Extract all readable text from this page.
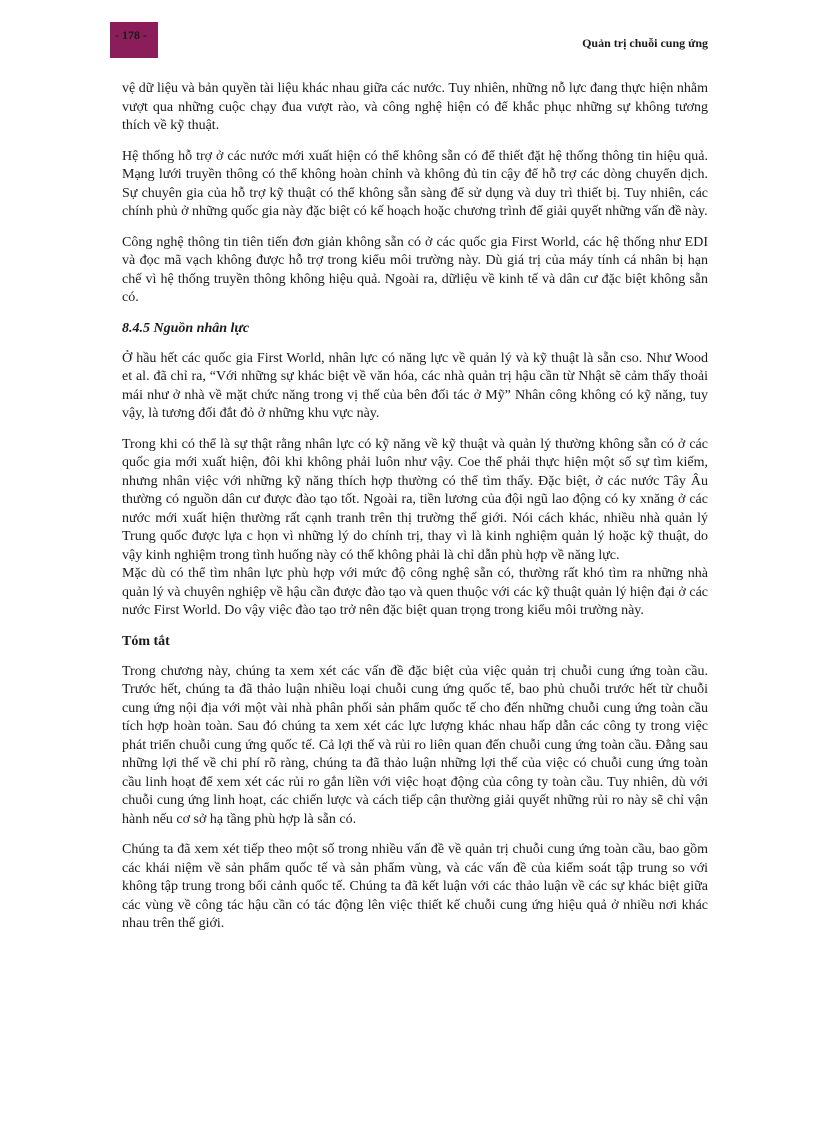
- 178 -
Quản trị chuỗi cung ứng

vệ dữ liệu và bản quyền tài liệu khác nhau giữa các nước. Tuy nhiên, những nỗ lực đang thực hiện nhằm vượt qua những cuộc chạy đua vượt rào, và công nghệ hiện có để khắc phục những sự không tương thích về kỹ thuật.

Hệ thống hỗ trợ ở các nước mới xuất hiện có thể không sẵn có để thiết đặt hệ thống thông tin hiệu quả. Mạng lưới truyền thông có thể không hoàn chỉnh và không đủ tin cậy để hỗ trợ các dòng chuyển dịch. Sự chuyên gia của hỗ trợ kỹ thuật có thể không sẵn sàng để sử dụng và duy trì thiết bị. Tuy nhiên, các chính phủ ở những quốc gia này đặc biệt có kế hoạch hoặc chương trình để giải quyết những vấn đề này.

Công nghệ thông tin tiên tiến đơn giản không sẵn có ở các quốc gia First World, các hệ thống như EDI và đọc mã vạch không được hỗ trợ trong kiểu môi trường này. Dù giá trị của máy tính cá nhân bị hạn chế vì hệ thống truyền thông không hiệu quả. Ngoài ra, dữliệu về kinh tế và dân cư đặc biệt không sẵn có.

8.4.5 Nguồn nhân lực

Ở hầu hết các quốc gia First World, nhân lực có năng lực về quản lý và kỹ thuật là sẵn cso. Như Wood et al. đã chỉ ra, “Với những sự khác biệt về văn hóa, các nhà quản trị hậu cần từ Nhật sẽ cảm thấy thoải mái như ở nhà về mặt chức năng trong vị thế của bên đối tác ở Mỹ” Nhân công không có kỹ năng, tuy vậy, là tương đối đắt đỏ ở những khu vực này.

Trong khi có thể là sự thật rằng nhân lực có kỹ năng về kỹ thuật và quản lý thường không sẵn có ở các quốc gia mới xuất hiện, đôi khi không phải luôn như vậy. Coe thể phải thực hiện một số sự tìm kiếm, nhưng nhân việc với những kỹ năng thích hợp thường có thể tìm thấy. Đặc biệt, ở các nước Tây Âu thường có nguồn dân cư được đào tạo tốt. Ngoài ra, tiền lương của đội ngũ lao động có ky xnăng ở các nước mới xuất hiện thường rất cạnh tranh trên thị trường thế giới. Nói cách khác, nhiều nhà quản lý Trung quốc được lựa c họn vì những lý do chính trị, thay vì là kinh nghiệm quản lý hoặc kỹ thuật, do vậy kinh nghiệm trong tình huống này có thể không phải là chỉ dẫn phù hợp về năng lực.

Mặc dù có thể tìm nhân lực phù hợp với mức độ công nghệ sẵn có, thường rất khó tìm ra những nhà quản lý và chuyên nghiệp về hậu cần được đào tạo và quen thuộc với các kỹ thuật quản lý hiện đại ở các nước First World. Do vậy việc đào tạo trở nên đặc biệt quan trọng trong kiểu môi trường này.

Tóm tắt

Trong chương này, chúng ta xem xét các vấn đề đặc biệt của việc quản trị chuỗi cung ứng toàn cầu. Trước hết, chúng ta đã thảo luận nhiều loại chuỗi cung ứng quốc tế, bao phủ chuỗi trước hết từ chuỗi cung ứng nội địa với một vài nhà phân phối sản phẩm quốc tế cho đến những chuỗi cung ứng toàn cầu tích hợp hoàn toàn. Sau đó chúng ta xem xét các lực lượng khác nhau hấp dẫn các công ty trong việc phát triển chuỗi cung ứng quốc tế. Cả lợi thế và rủi ro liên quan đến chuỗi cung ứng toàn cầu. Đằng sau những lợi thế về chi phí rõ ràng, chúng ta đã thảo luận những lợi thế của việc có chuỗi cung ứng toàn cầu linh hoạt để xem xét các rủi ro gắn liền với việc hoạt động của công ty toàn cầu. Tuy nhiên, dù với chuỗi cung ứng linh hoạt, các chiến lược và cách tiếp cận thường giải quyết những rủi ro này sẽ chỉ vận hành nếu cơ sở hạ tầng phù hợp là sẵn có.

Chúng ta đã xem xét tiếp theo một số trong nhiều vấn đề về quản trị chuỗi cung ứng toàn cầu, bao gồm các khái niệm về sản phẩm quốc tế và sản phẩm vùng, và các vấn đề của kiểm soát tập trung so với không tập trung trong bối cảnh quốc tế. Chúng ta đã kết luận với các thảo luận về các sự khác biệt giữa các vùng về công tác hậu cần có tác động lên việc thiết kế chuỗi cung ứng hiệu quả ở nhiều nơi khác nhau trên thế giới.
